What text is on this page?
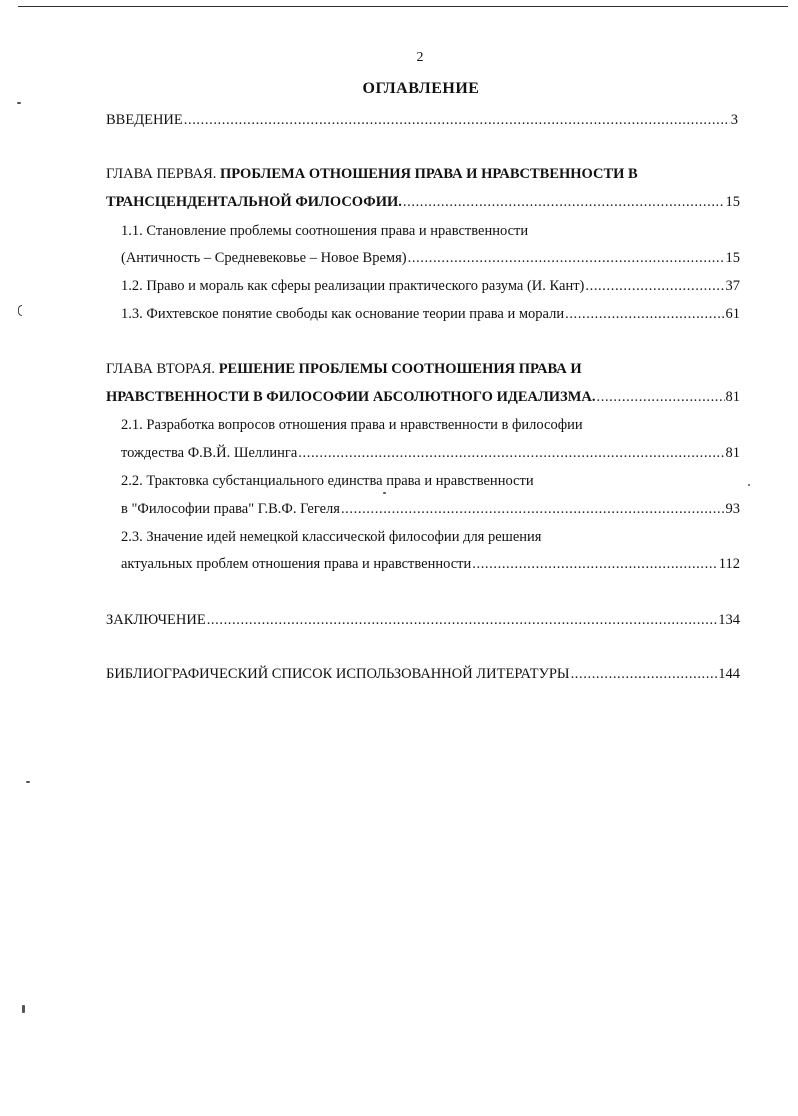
2
ОГЛАВЛЕНИЕ
ВВЕДЕНИЕ .....	3
ГЛАВА ПЕРВАЯ. ПРОБЛЕМА ОТНОШЕНИЯ ПРАВА И НРАВСТВЕННОСТИ В
ТРАНСЦЕНДЕНТАЛЬНОЙ ФИЛОСОФИИ. .....	15
1.1. Становление проблемы соотношения права и нравственности
(Античность – Средневековье – Новое Время) .....	15
1.2. Право и мораль как сферы реализации практического разума (И. Кант) .....	37
1.3. Фихтевское понятие свободы как основание теории права и морали .....	61
ГЛАВА ВТОРАЯ. РЕШЕНИЕ ПРОБЛЕМЫ СООТНОШЕНИЯ ПРАВА И
НРАВСТВЕННОСТИ В ФИЛОСОФИИ АБСОЛЮТНОГО ИДЕАЛИЗМА. .....	81
2.1. Разработка вопросов отношения права и нравственности в философии
тождества Ф.В.Й. Шеллинга .....	81
2.2. Трактовка субстанциального единства права и нравственности
в "Философии права" Г.В.Ф. Гегеля .....	93
2.3. Значение идей немецкой классической философии для решения
актуальных проблем отношения права и нравственности .....	112
ЗАКЛЮЧЕНИЕ .....	134
БИБЛИОГРАФИЧЕСКИЙ СПИСОК ИСПОЛЬЗОВАННОЙ ЛИТЕРАТУРЫ .....	144
